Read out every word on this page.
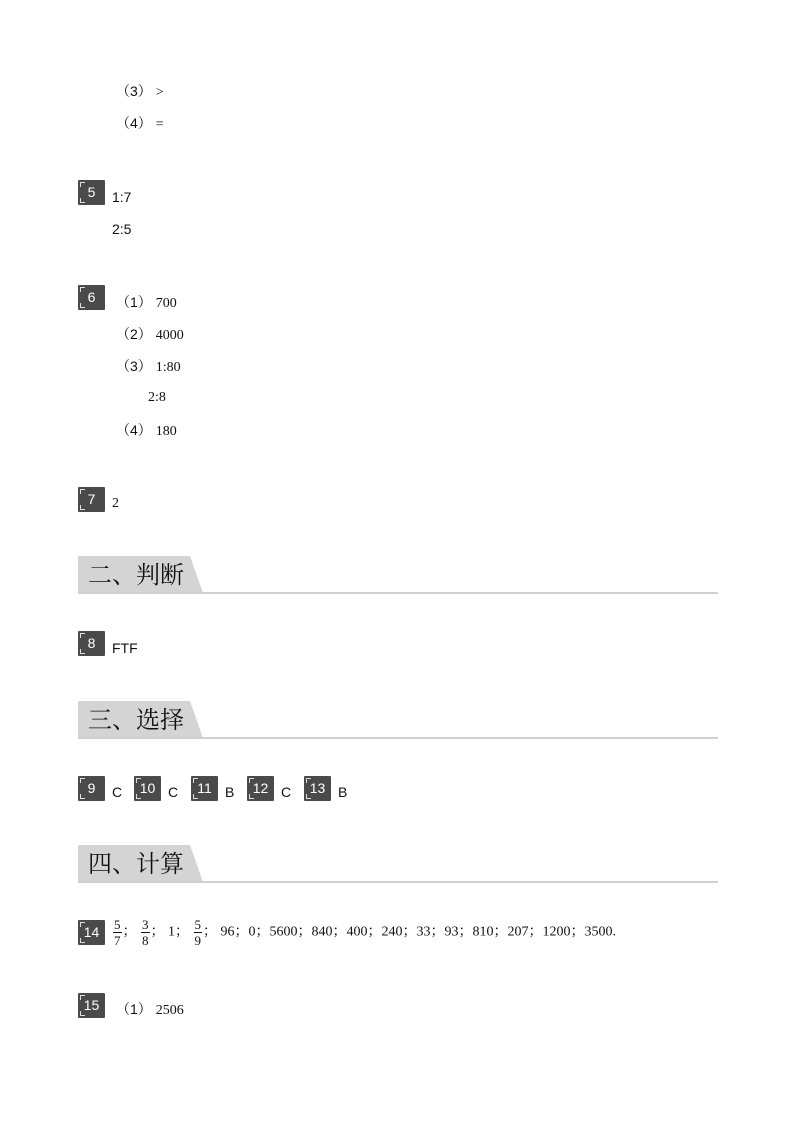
（3） >
（4） =
5	1:7
2:5
6	（1） 700
（2） 4000
（3） 1:80
2:8
（4） 180
7	2
二、判断
8	FTF
三、选择
9	C	10 C	11 B	12 C	13 B
四、计算
14	$\frac{5}{7}$ ； $\frac{3}{8}$ ； 1； $\frac{5}{9}$ ； 96；0；5600；840；400；240；33；93；810；207；1200；3500.
15	（1） 2506
